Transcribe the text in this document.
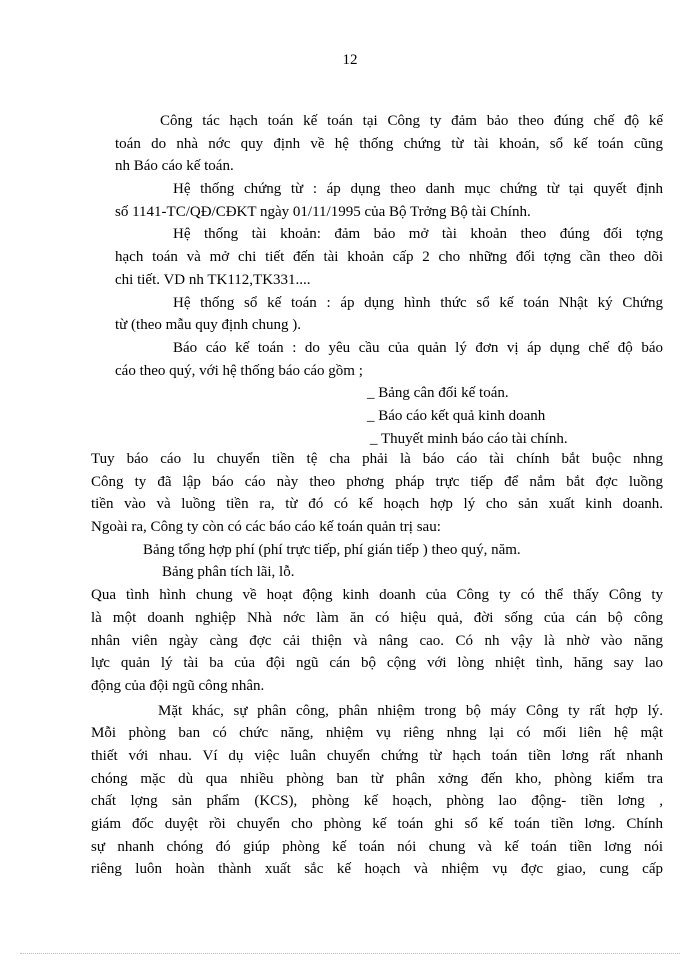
12
Công tác hạch toán kế toán tại Công ty đảm bảo theo đúng chế độ kế
toán do nhà nớc quy định về hệ thống chứng từ tài khoản, sổ kế toán cũng
nh Báo cáo kế toán.
Hệ thống chứng từ : áp dụng theo danh mục chứng từ tại quyết định
số 1141-TC/QĐ/CĐKT ngày 01/11/1995 của Bộ Trởng Bộ tài Chính.
Hệ thống tài khoản: đảm bảo mở tài khoản theo đúng đối tợng
hạch toán và mở chi tiết đến tài khoản cấp 2 cho những đối tợng cần theo dõi
chi tiết. VD nh TK112,TK331....
Hệ thống sổ kế toán : áp dụng hình thức sổ kế toán Nhật ký Chứng
từ (theo mẫu quy định chung ).
Báo cáo kế toán : do yêu cầu của quản lý đơn vị áp dụng chế độ báo
cáo theo quý, với hệ thống báo cáo gồm ;
_ Bảng cân đối kế toán.
_ Báo cáo kết quả kinh doanh
_ Thuyết minh báo cáo tài chính.
Tuy báo cáo lu chuyển tiền tệ cha phải là báo cáo tài chính bắt buộc nhng
Công ty đã lập báo cáo này theo phơng pháp trực tiếp để nắm bắt đợc luồng
tiền vào và luồng tiền ra, từ đó có kế hoạch hợp lý cho sản xuất kinh doanh.
Ngoài ra, Công ty còn có các báo cáo kế toán quản trị sau:
Bảng tổng hợp phí (phí trực tiếp, phí gián tiếp ) theo quý, năm.
Bảng phân tích lãi, lỗ.
Qua tình hình chung về hoạt động kinh doanh của Công ty có thể thấy Công ty
là một doanh nghiệp Nhà nớc làm ăn có hiệu quả, đời sống của cán bộ công
nhân viên ngày càng đợc cải thiện và nâng cao. Có nh vậy là nhờ vào năng
lực quản lý tài ba của đội ngũ cán bộ cộng với lòng nhiệt tình, hăng say lao
động của đội ngũ công nhân.
Mặt khác, sự phân công, phân nhiệm trong bộ máy Công ty rất hợp lý.
Mỗi phòng ban có chức năng, nhiệm vụ riêng nhng lại có mối liên hệ mật
thiết với nhau. Ví dụ việc luân chuyển chứng từ hạch toán tiền lơng rất nhanh
chóng mặc dù qua nhiều phòng ban từ phân xởng đến kho, phòng kiểm tra
chất lợng sản phẩm (KCS), phòng kế hoạch, phòng lao động- tiền lơng ,
giám đốc duyệt rồi chuyển cho phòng kế toán ghi sổ kế toán tiền lơng. Chính
sự nhanh chóng đó giúp phòng kế toán nói chung và kế toán tiền lơng nói
riêng luôn hoàn thành xuất sắc kế hoạch và nhiệm vụ đợc giao, cung cấp
